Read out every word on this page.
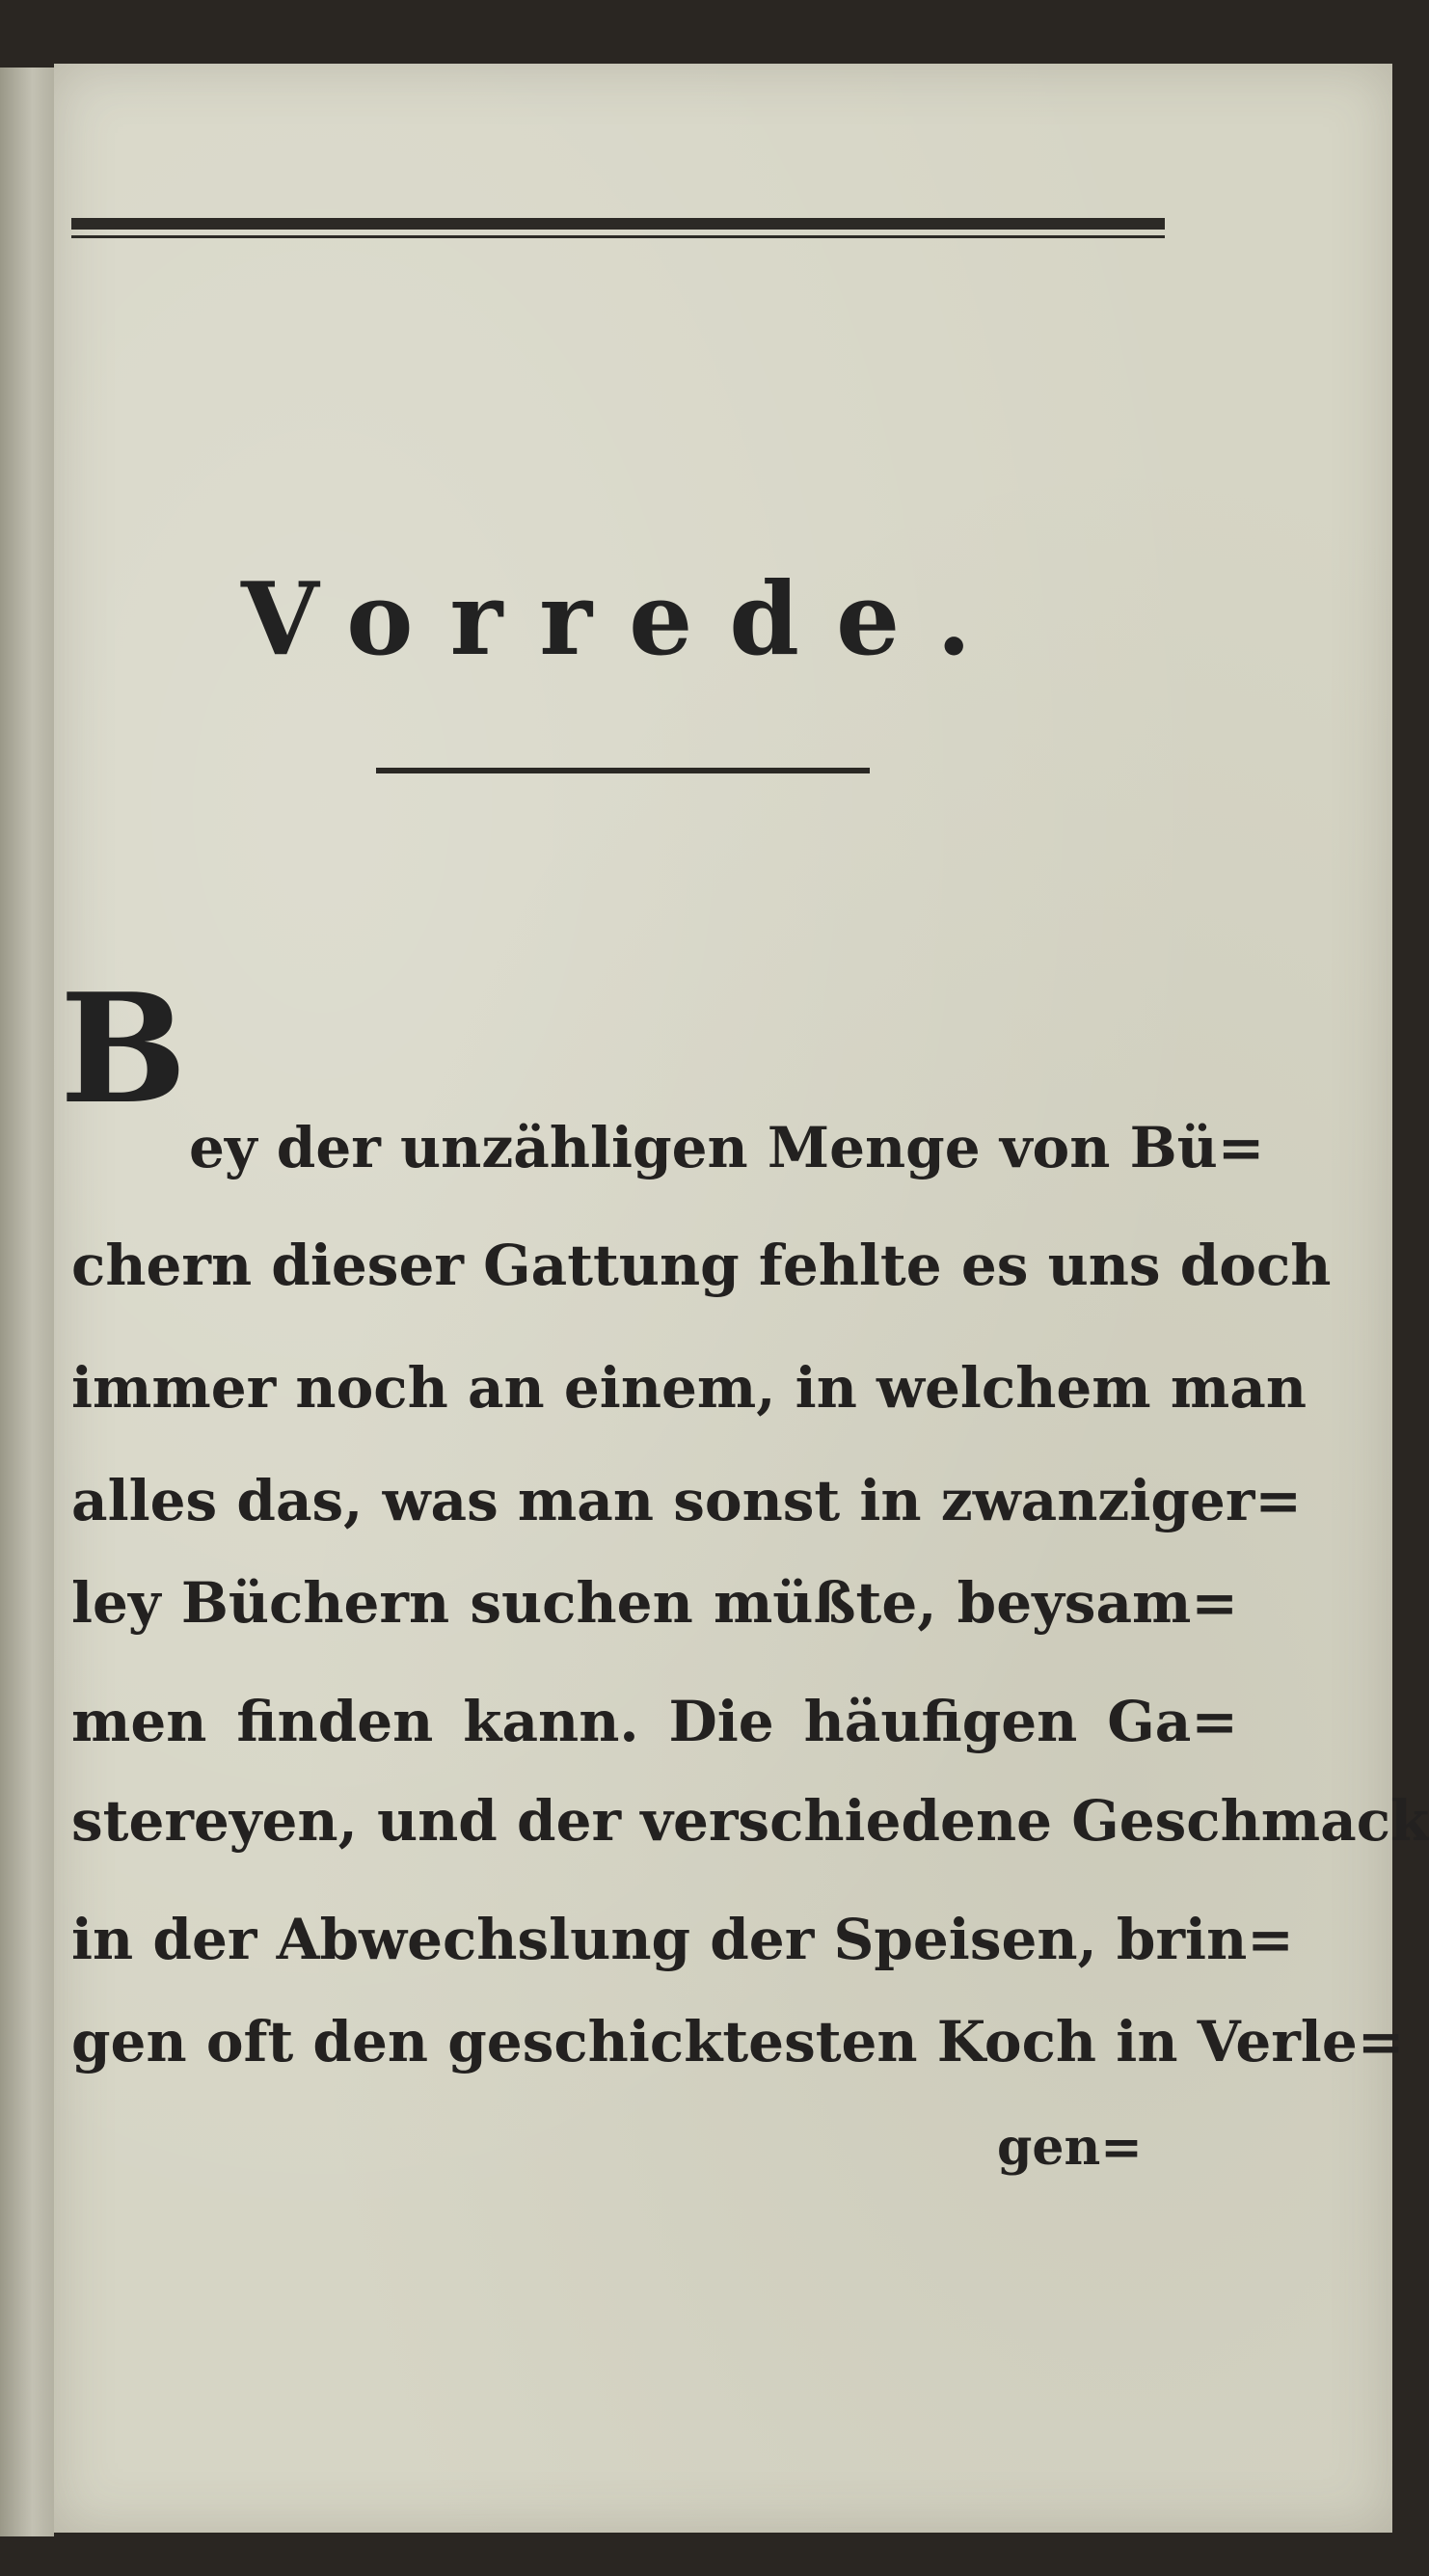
Vorrede.
B
ey der unzähligen Menge von Bü=
chern dieser Gattung fehlte es uns doch
immer noch an einem, in welchem man
alles das, was man sonst in zwanziger=
ley Büchern suchen müßte, beysam=
men finden kann. Die häufigen Ga=
stereyen, und der verschiedene Geschmack
in der Abwechslung der Speisen, brin=
gen oft den geschicktesten Koch in Verle=
gen=
